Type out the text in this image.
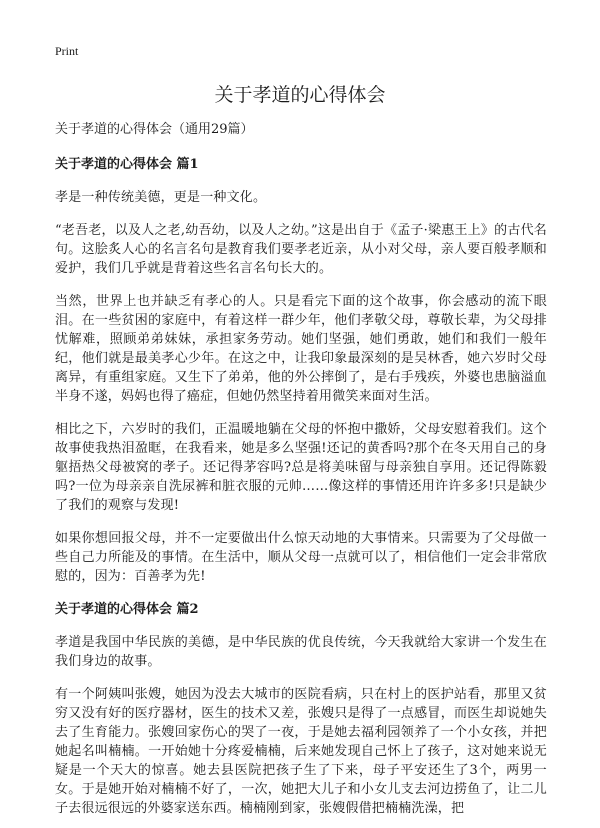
Print
关于孝道的心得体会

关于孝道的心得体会（通用29篇）

关于孝道的心得体会 篇1

孝是一种传统美德，更是一种文化。

“老吾老，以及人之老,幼吾幼，以及人之幼。”这是出自于《孟子·梁惠王上》的古代名句。这脍炙人心的名言名句是教育我们要孝老近亲，从小对父母，亲人要百般孝顺和爱护，我们几乎就是背着这些名言名句长大的。

当然，世界上也并缺乏有孝心的人。只是看完下面的这个故事，你会感动的流下眼泪。在一些贫困的家庭中，有着这样一群少年，他们孝敬父母，尊敬长辈，为父母排忧解难，照顾弟弟妹妹，承担家务劳动。她们坚强，她们勇敢，她们和我们一般年纪，他们就是最美孝心少年。在这之中，让我印象最深刻的是吴林香，她六岁时父母离异，有重组家庭。又生下了弟弟，他的外公摔倒了，是右手残疾，外婆也患脑溢血半身不遂，妈妈也得了癌症，但她仍然坚持着用微笑来面对生活。

相比之下，六岁时的我们，正温暖地躺在父母的怀抱中撒娇，父母安慰着我们。这个故事使我热泪盈眶，在我看来，她是多么坚强!还记的黄香吗?那个在冬天用自己的身躯捂热父母被窝的孝子。还记得茅容吗?总是将美味留与母亲独自享用。还记得陈毅吗?一位为母亲亲自洗尿裤和脏衣服的元帅……像这样的事情还用许许多多!只是缺少了我们的观察与发现!

如果你想回报父母，并不一定要做出什么惊天动地的大事情来。只需要为了父母做一些自己力所能及的事情。在生活中，顺从父母一点就可以了，相信他们一定会非常欣慰的，因为：百善孝为先!

关于孝道的心得体会 篇2

孝道是我国中华民族的美德，是中华民族的优良传统，今天我就给大家讲一个发生在我们身边的故事。

有一个阿姨叫张嫂，她因为没去大城市的医院看病，只在村上的医护站看，那里又贫穷又没有好的医疗器材，医生的技术又差，张嫂只是得了一点感冒，而医生却说她失去了生育能力。张嫂回家伤心的哭了一夜，于是她去福利园领养了一个小女孩，并把她起名叫楠楠。一开始她十分疼爱楠楠，后来她发现自己怀上了孩子，这对她来说无疑是一个天大的惊喜。她去县医院把孩子生了下来，母子平安还生了3个，两男一女。于是她开始对楠楠不好了，一次，她把大儿子和小女儿支去河边捞鱼了，让二儿子去很远很远的外婆家送东西。楠楠刚到家，张嫂假借把楠楠洗澡，把
